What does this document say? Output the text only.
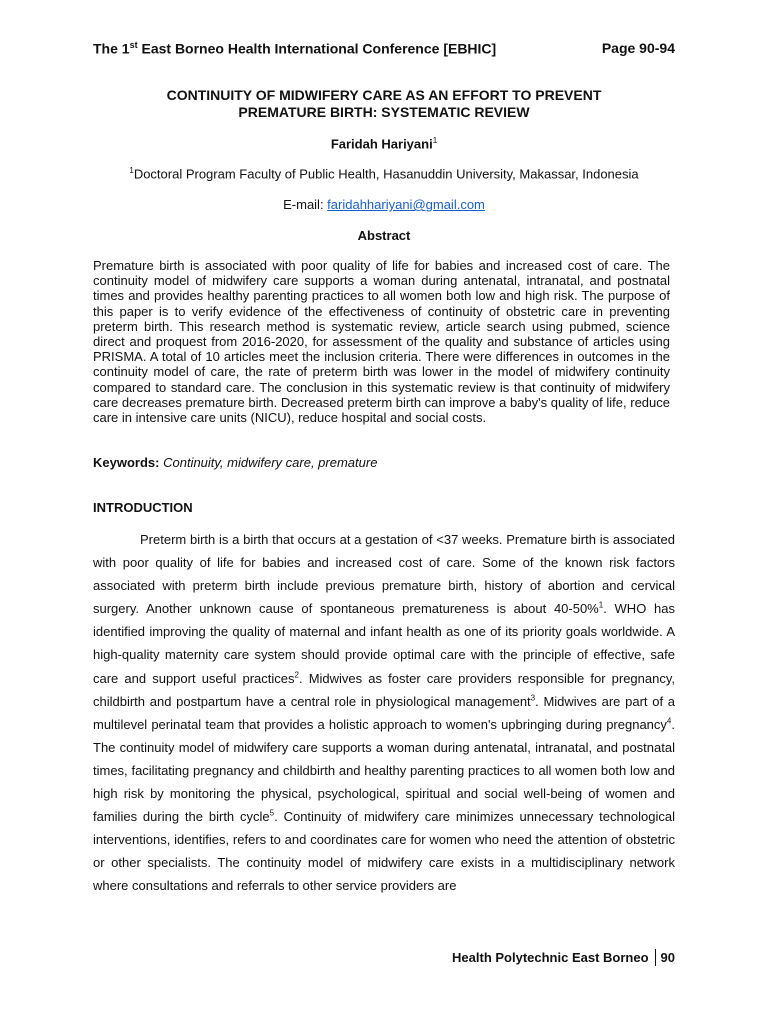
The 1st East Borneo Health International Conference [EBHIC]	Page 90-94
CONTINUITY OF MIDWIFERY CARE AS AN EFFORT TO PREVENT
PREMATURE BIRTH: SYSTEMATIC REVIEW
Faridah Hariyani$^1$
$^1$Doctoral Program Faculty of Public Health, Hasanuddin University, Makassar, Indonesia
E-mail: faridahhariyani@gmail.com
Abstract
Premature birth is associated with poor quality of life for babies and increased cost of care. The continuity model of midwifery care supports a woman during antenatal, intranatal, and postnatal times and provides healthy parenting practices to all women both low and high risk. The purpose of this paper is to verify evidence of the effectiveness of continuity of obstetric care in preventing preterm birth. This research method is systematic review, article search using pubmed, science direct and proquest from 2016-2020, for assessment of the quality and substance of articles using PRISMA. A total of 10 articles meet the inclusion criteria. There were differences in outcomes in the continuity model of care, the rate of preterm birth was lower in the model of midwifery continuity compared to standard care. The conclusion in this systematic review is that continuity of midwifery care decreases premature birth. Decreased preterm birth can improve a baby's quality of life, reduce care in intensive care units (NICU), reduce hospital and social costs.
Keywords: Continuity, midwifery care, premature
INTRODUCTION
Preterm birth is a birth that occurs at a gestation of <37 weeks. Premature birth is associated with poor quality of life for babies and increased cost of care. Some of the known risk factors associated with preterm birth include previous premature birth, history of abortion and cervical surgery. Another unknown cause of spontaneous prematureness is about 40-50%$^1$. WHO has identified improving the quality of maternal and infant health as one of its priority goals worldwide. A high-quality maternity care system should provide optimal care with the principle of effective, safe care and support useful practices$^2$. Midwives as foster care providers responsible for pregnancy, childbirth and postpartum have a central role in physiological management$^3$. Midwives are part of a multilevel perinatal team that provides a holistic approach to women's upbringing during pregnancy$^4$. The continuity model of midwifery care supports a woman during antenatal, intranatal, and postnatal times, facilitating pregnancy and childbirth and healthy parenting practices to all women both low and high risk by monitoring the physical, psychological, spiritual and social well-being of women and families during the birth cycle$^5$. Continuity of midwifery care minimizes unnecessary technological interventions, identifies, refers to and coordinates care for women who need the attention of obstetric or other specialists. The continuity model of midwifery care exists in a multidisciplinary network where consultations and referrals to other service providers are
Health Polytechnic East Borneo 90
